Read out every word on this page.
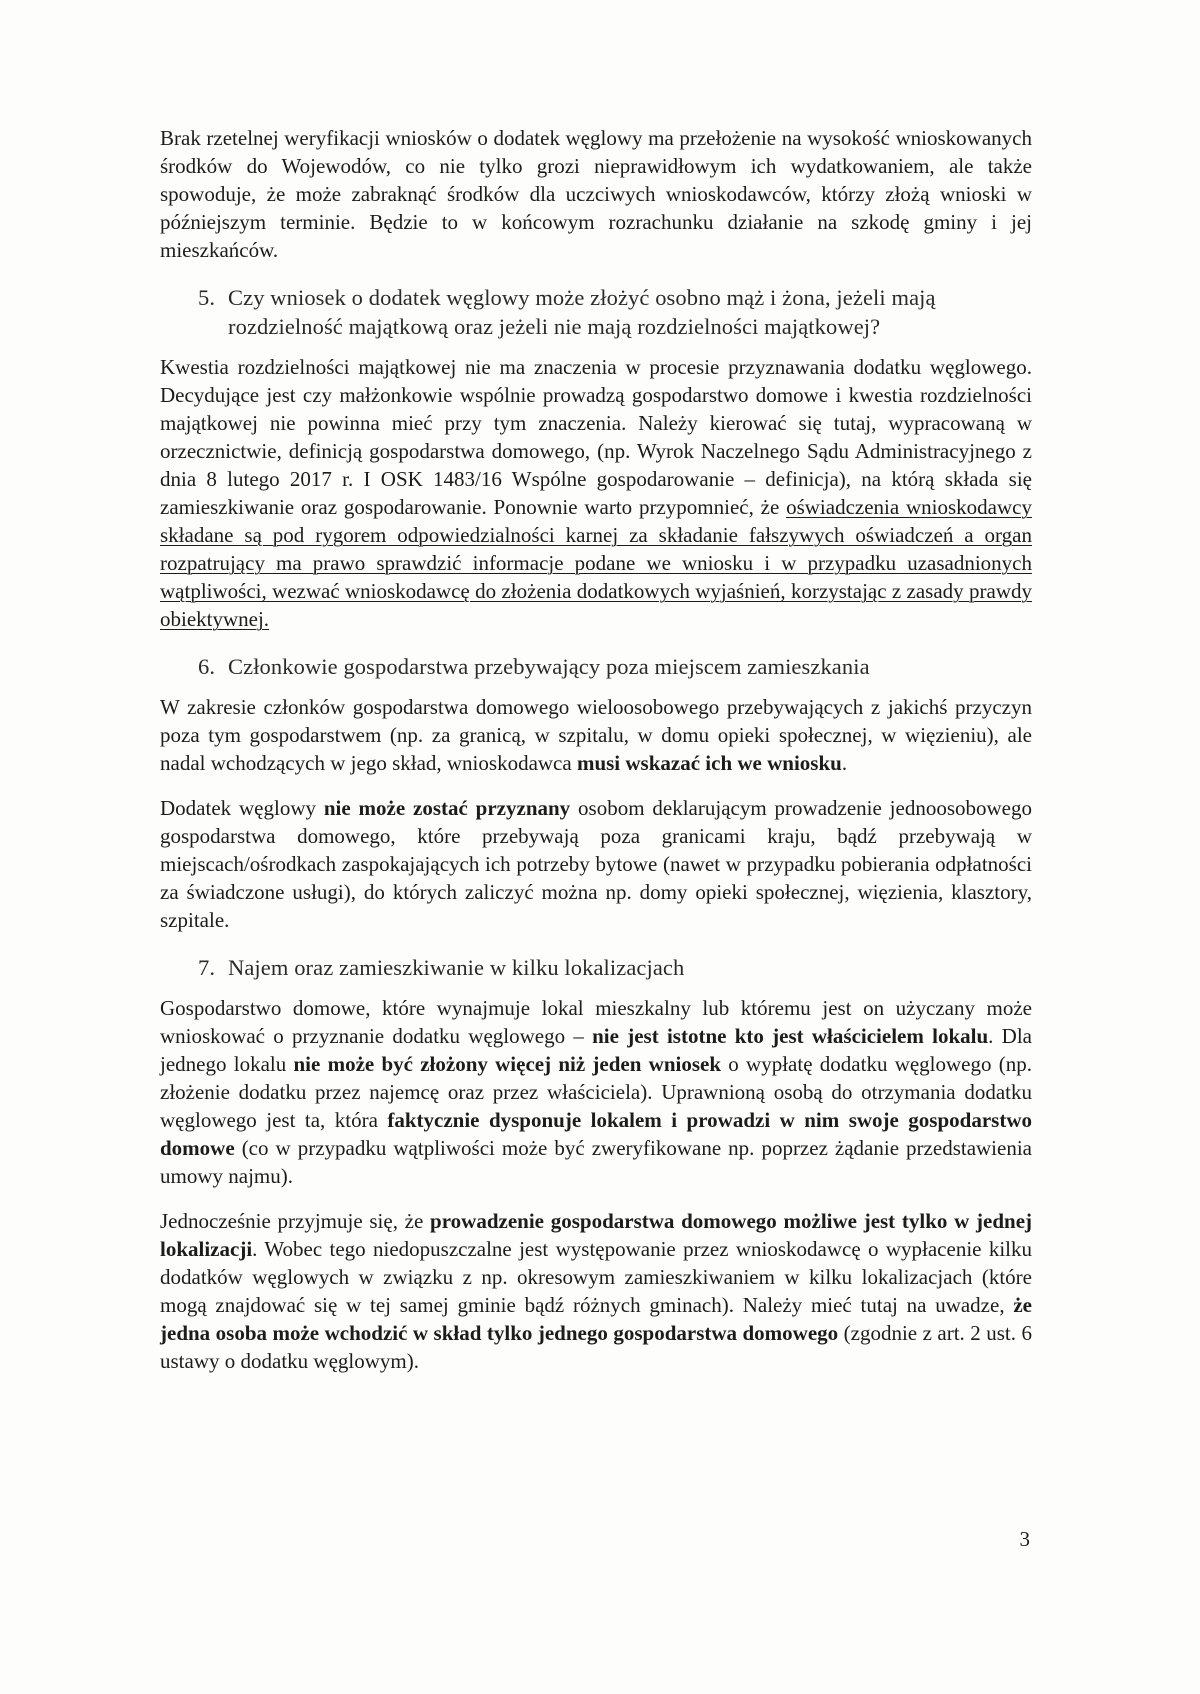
Brak rzetelnej weryfikacji wniosków o dodatek węglowy ma przełożenie na wysokość wnioskowanych środków do Wojewodów, co nie tylko grozi nieprawidłowym ich wydatkowaniem, ale także spowoduje, że może zabraknąć środków dla uczciwych wnioskodawców, którzy złożą wnioski w późniejszym terminie. Będzie to w końcowym rozrachunku działanie na szkodę gminy i jej mieszkańców.

5. Czy wniosek o dodatek węglowy może złożyć osobno mąż i żona, jeżeli mają rozdzielność majątkową oraz jeżeli nie mają rozdzielności majątkowej?

Kwestia rozdzielności majątkowej nie ma znaczenia w procesie przyznawania dodatku węglowego. Decydujące jest czy małżonkowie wspólnie prowadzą gospodarstwo domowe i kwestia rozdzielności majątkowej nie powinna mieć przy tym znaczenia. Należy kierować się tutaj, wypracowaną w orzecznictwie, definicją gospodarstwa domowego, (np. Wyrok Naczelnego Sądu Administracyjnego z dnia 8 lutego 2017 r. I OSK 1483/16 Wspólne gospodarowanie – definicja), na którą składa się zamieszkiwanie oraz gospodarowanie. Ponownie warto przypomnieć, że oświadczenia wnioskodawcy składane są pod rygorem odpowiedzialności karnej za składanie fałszywych oświadczeń a organ rozpatrujący ma prawo sprawdzić informacje podane we wniosku i w przypadku uzasadnionych wątpliwości, wezwać wnioskodawcę do złożenia dodatkowych wyjaśnień, korzystając z zasady prawdy obiektywnej.

6. Członkowie gospodarstwa przebywający poza miejscem zamieszkania

W zakresie członków gospodarstwa domowego wieloosobowego przebywających z jakichś przyczyn poza tym gospodarstwem (np. za granicą, w szpitalu, w domu opieki społecznej, w więzieniu), ale nadal wchodzących w jego skład, wnioskodawca musi wskazać ich we wniosku.

Dodatek węglowy nie może zostać przyznany osobom deklarującym prowadzenie jednoosobowego gospodarstwa domowego, które przebywają poza granicami kraju, bądź przebywają w miejscach/ośrodkach zaspokajających ich potrzeby bytowe (nawet w przypadku pobierania odpłatności za świadczone usługi), do których zaliczyć można np. domy opieki społecznej, więzienia, klasztory, szpitale.

7. Najem oraz zamieszkiwanie w kilku lokalizacjach

Gospodarstwo domowe, które wynajmuje lokal mieszkalny lub któremu jest on użyczany może wnioskować o przyznanie dodatku węglowego – nie jest istotne kto jest właścicielem lokalu. Dla jednego lokalu nie może być złożony więcej niż jeden wniosek o wypłatę dodatku węglowego (np. złożenie dodatku przez najemcę oraz przez właściciela). Uprawnioną osobą do otrzymania dodatku węglowego jest ta, która faktycznie dysponuje lokalem i prowadzi w nim swoje gospodarstwo domowe (co w przypadku wątpliwości może być zweryfikowane np. poprzez żądanie przedstawienia umowy najmu).

Jednocześnie przyjmuje się, że prowadzenie gospodarstwa domowego możliwe jest tylko w jednej lokalizacji. Wobec tego niedopuszczalne jest występowanie przez wnioskodawcę o wypłacenie kilku dodatków węglowych w związku z np. okresowym zamieszkiwaniem w kilku lokalizacjach (które mogą znajdować się w tej samej gminie bądź różnych gminach). Należy mieć tutaj na uwadze, że jedna osoba może wchodzić w skład tylko jednego gospodarstwa domowego (zgodnie z art. 2 ust. 6 ustawy o dodatku węglowym).

3
